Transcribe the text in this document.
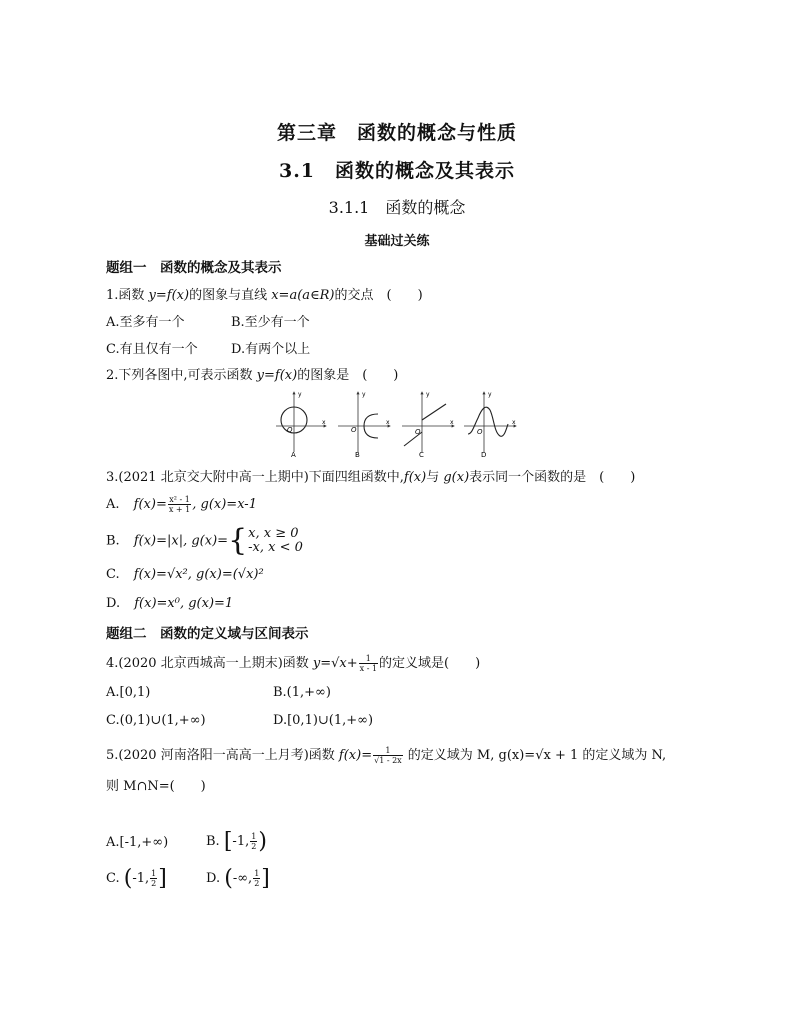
第三章　函数的概念与性质
3.1　函数的概念及其表示
3.1.1　函数的概念
基础过关练
题组一　函数的概念及其表示
1.函数 y=f(x)的图象与直线 x=a(a∈R)的交点　(　　)
A.至多有一个	B.至少有一个
C.有且仅有一个	D.有两个以上
2.下列各图中,可表示函数 y=f(x)的图象是　(　　)
y
x
O
A
y
x
O
B
y
x
O
C
y
x
O
D
3.(2021 北京交大附中高一上期中)下面四组函数中,f(x)与 g(x)表示同一个函数的是　(　　)
A. $f(x)= \frac{\text{x² - 1}}{x + 1}$ , g(x)=x-1
B. f(x)=|x|, g(x)= { x, x ≥ 0
-x, x < 0
C. f(x)=√x², g(x)=(√x)²
D. f(x)=x⁰, g(x)=1
题组二　函数的定义域与区间表示
4.(2020 北京西城高一上期末)函数 $y=√x+ \frac{1}{x - 1}$ 的定义域是(　　)
A.[0,1)	B.(1,+∞)
C.(0,1)∪(1,+∞)	D.[0,1)∪(1,+∞)
5.(2020 河南洛阳一高高一上月考)函数 $f(x)= \frac{1}{√1 - 2x}$ 的定义域为 M, g(x)=√x + 1 的定义域为 N,
则 M∩N=(　　)
A.[-1,+∞)	B. [-1, $\frac{1}{2}$ )
C. (-1, $\frac{1}{2}$ ]	D. (-∞, $\frac{1}{2}$ ]
